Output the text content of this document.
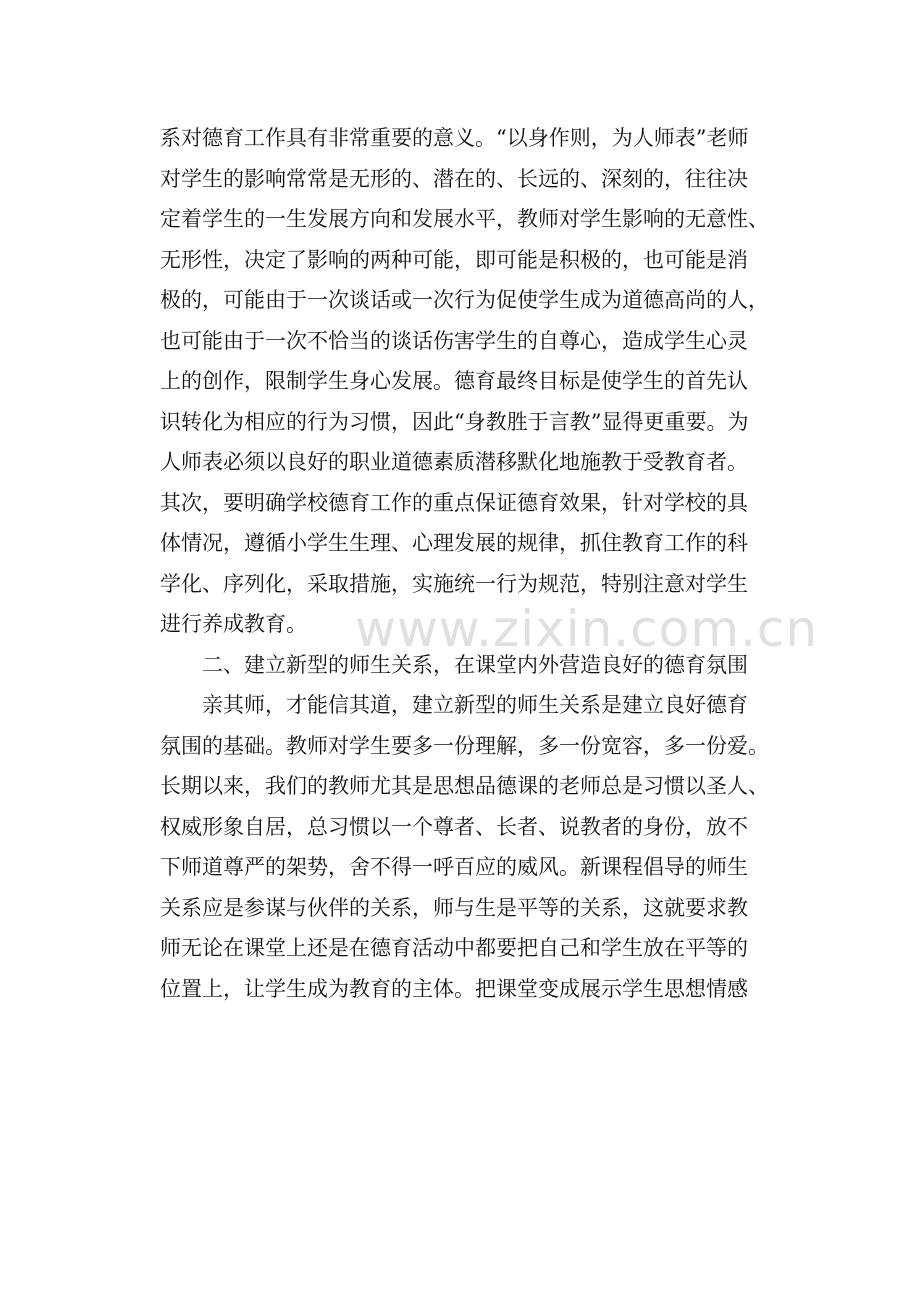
www.zixin.com.cn
系对德育工作具有非常重要的意义。“以身作则，为人师表”老师
对学生的影响常常是无形的、潜在的、长远的、深刻的，往往决
定着学生的一生发展方向和发展水平，教师对学生影响的无意性、
无形性，决定了影响的两种可能，即可能是积极的，也可能是消
极的，可能由于一次谈话或一次行为促使学生成为道德高尚的人，
也可能由于一次不恰当的谈话伤害学生的自尊心，造成学生心灵
上的创作，限制学生身心发展。德育最终目标是使学生的首先认
识转化为相应的行为习惯，因此“身教胜于言教”显得更重要。为
人师表必须以良好的职业道德素质潜移默化地施教于受教育者。
其次，要明确学校德育工作的重点保证德育效果，针对学校的具
体情况，遵循小学生生理、心理发展的规律，抓住教育工作的科
学化、序列化，采取措施，实施统一行为规范，特别注意对学生
进行养成教育。
二、建立新型的师生关系，在课堂内外营造良好的德育氛围
亲其师，才能信其道，建立新型的师生关系是建立良好德育
氛围的基础。教师对学生要多一份理解，多一份宽容，多一份爱。
长期以来，我们的教师尤其是思想品德课的老师总是习惯以圣人、
权威形象自居，总习惯以一个尊者、长者、说教者的身份，放不
下师道尊严的架势，舍不得一呼百应的威风。新课程倡导的师生
关系应是参谋与伙伴的关系，师与生是平等的关系，这就要求教
师无论在课堂上还是在德育活动中都要把自己和学生放在平等的
位置上，让学生成为教育的主体。把课堂变成展示学生思想情感
